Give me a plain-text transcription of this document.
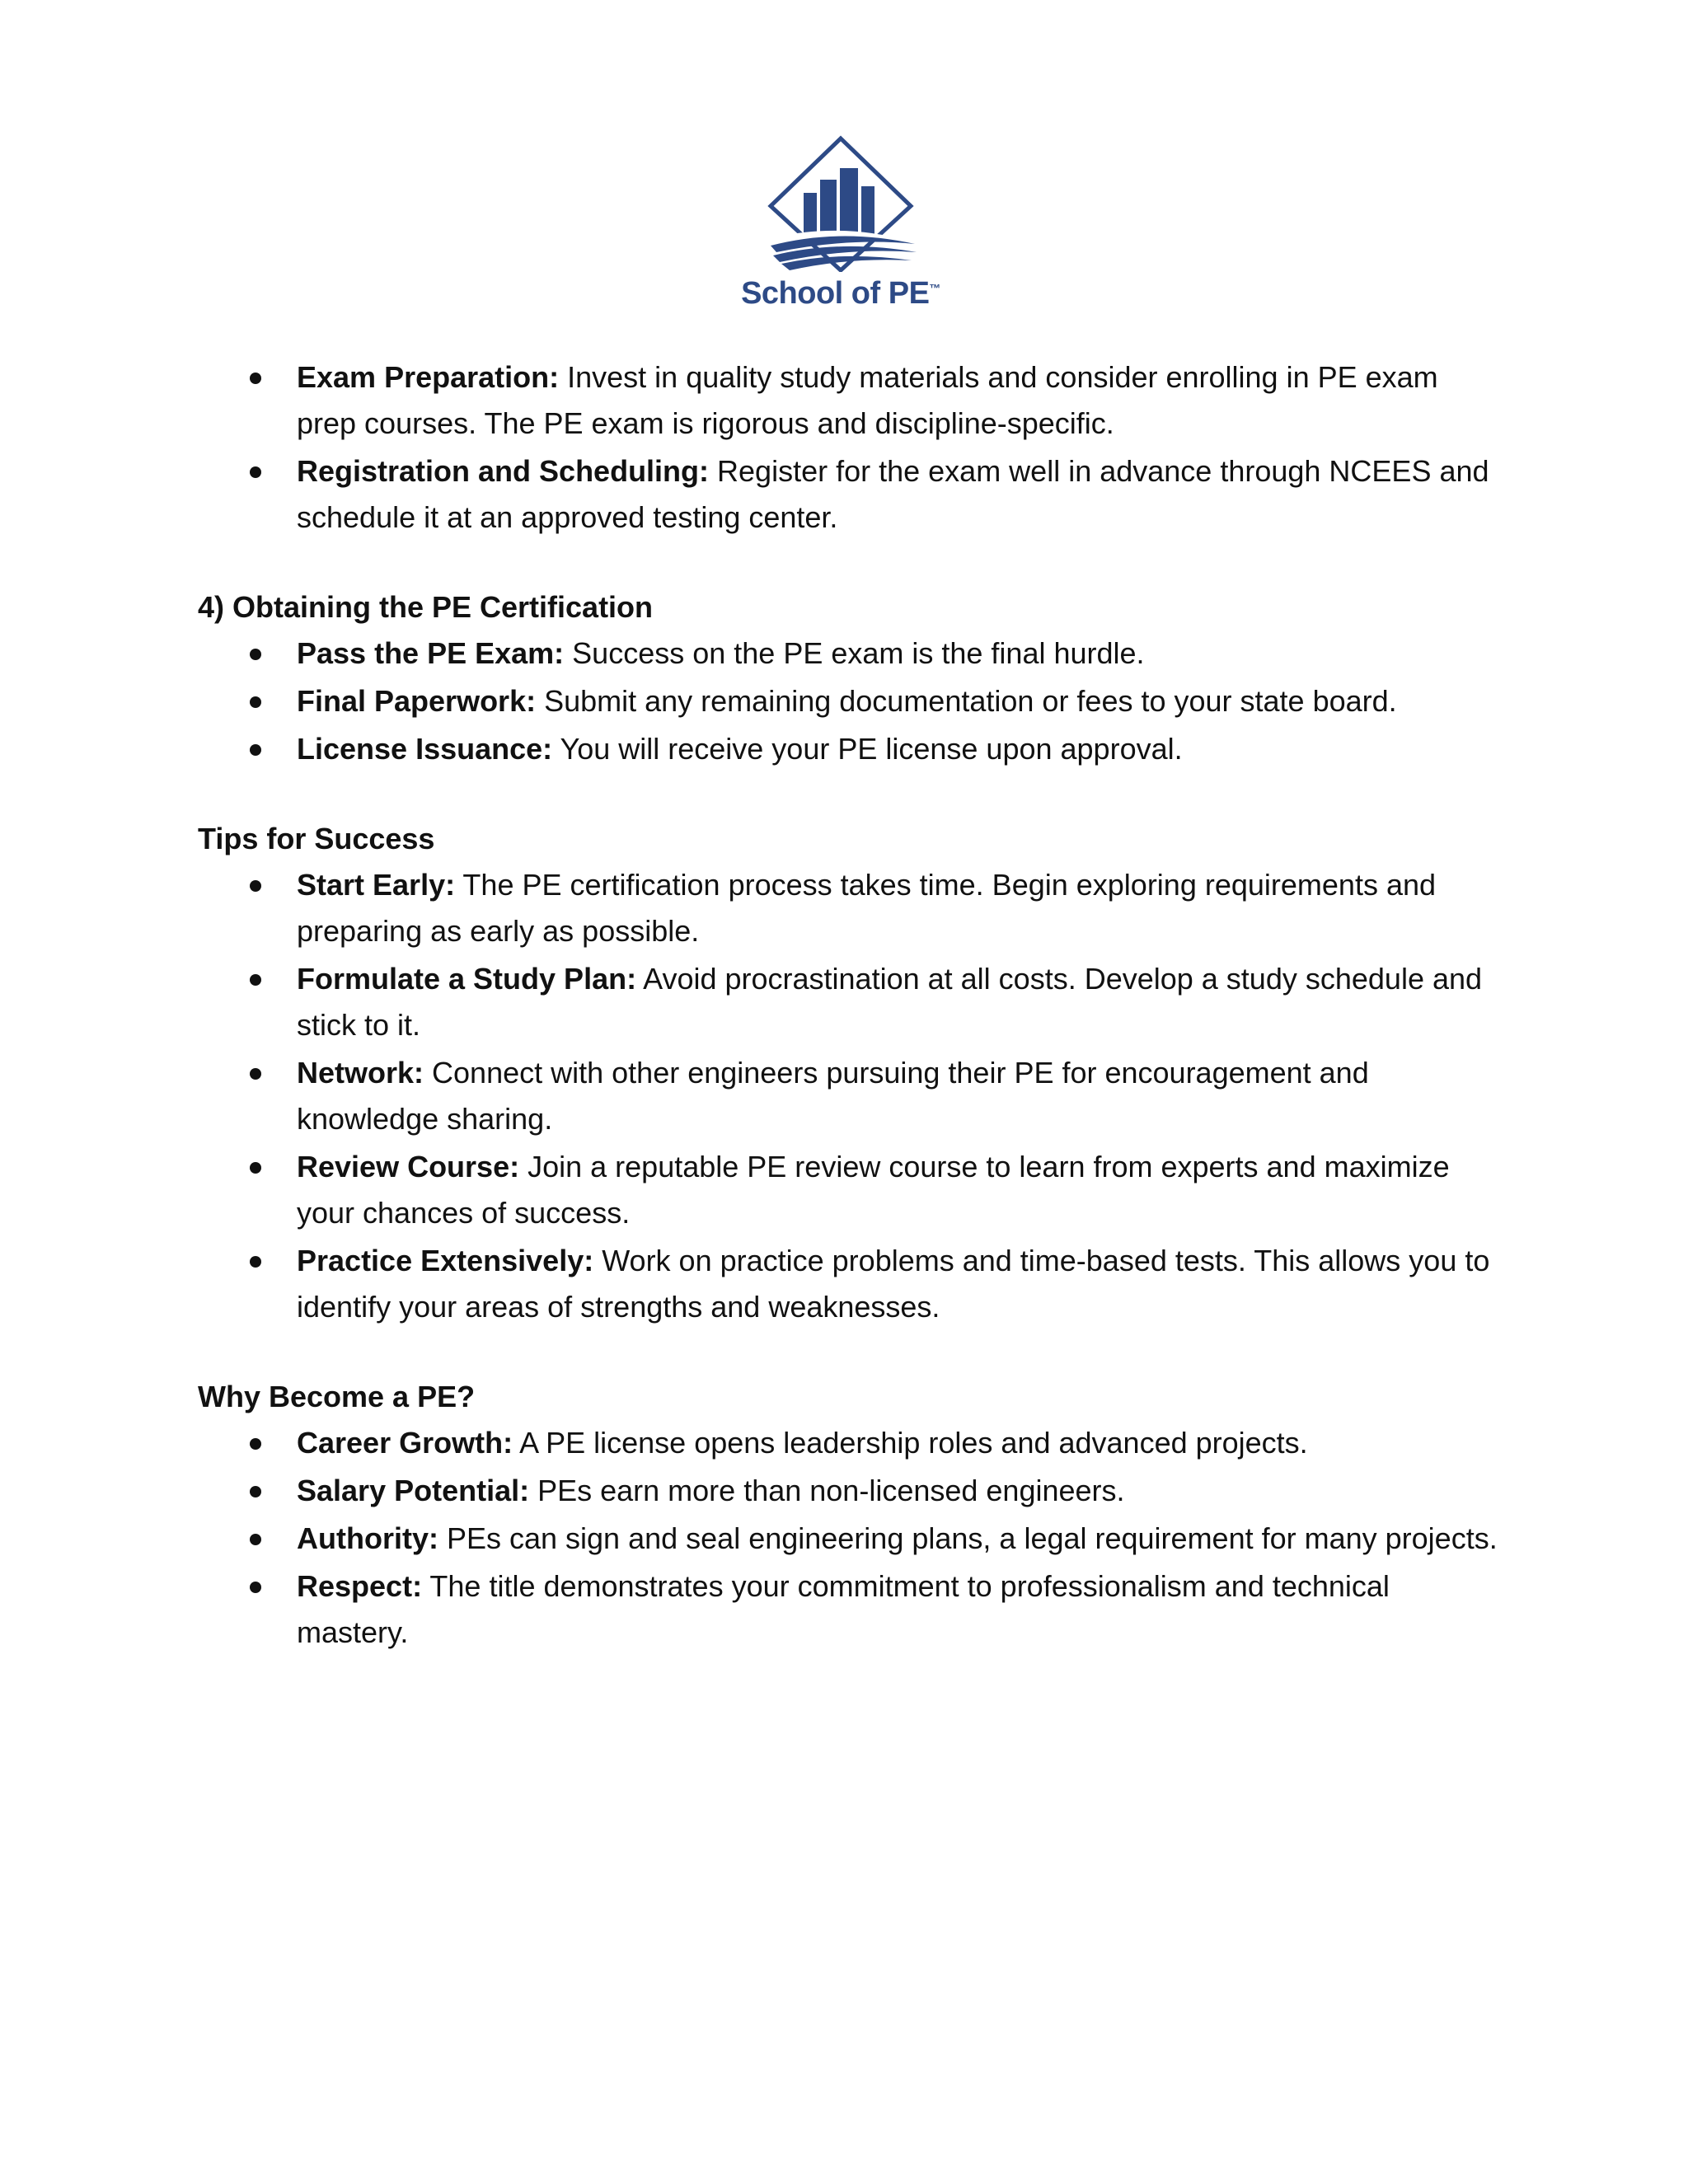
School of PE™
Exam Preparation: Invest in quality study materials and consider enrolling in PE exam prep courses. The PE exam is rigorous and discipline-specific.
Registration and Scheduling: Register for the exam well in advance through NCEES and schedule it at an approved testing center.
4) Obtaining the PE Certification
Pass the PE Exam: Success on the PE exam is the final hurdle.
Final Paperwork: Submit any remaining documentation or fees to your state board.
License Issuance: You will receive your PE license upon approval.
Tips for Success
Start Early: The PE certification process takes time. Begin exploring requirements and preparing as early as possible.
Formulate a Study Plan: Avoid procrastination at all costs. Develop a study schedule and stick to it.
Network: Connect with other engineers pursuing their PE for encouragement and knowledge sharing.
Review Course: Join a reputable PE review course to learn from experts and maximize your chances of success.
Practice Extensively: Work on practice problems and time-based tests. This allows you to identify your areas of strengths and weaknesses.
Why Become a PE?
Career Growth: A PE license opens leadership roles and advanced projects.
Salary Potential: PEs earn more than non-licensed engineers.
Authority: PEs can sign and seal engineering plans, a legal requirement for many projects.
Respect: The title demonstrates your commitment to professionalism and technical mastery.
